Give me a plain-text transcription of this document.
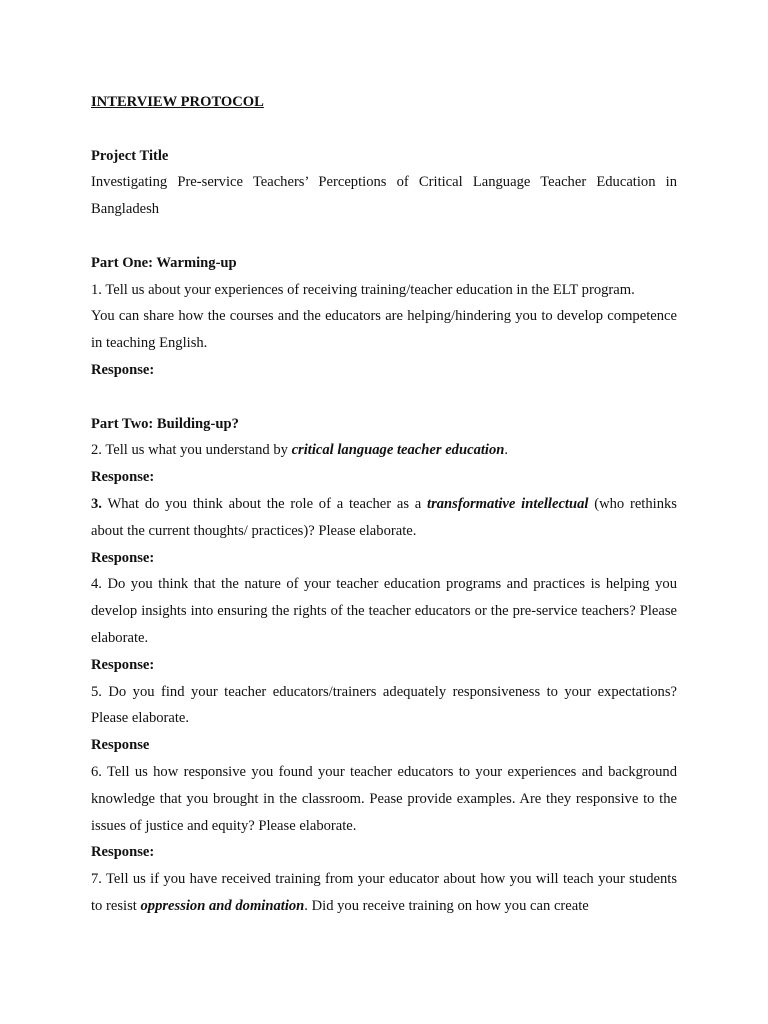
INTERVIEW PROTOCOL

Project Title

Investigating Pre-service Teachers’ Perceptions of Critical Language Teacher Education in Bangladesh

Part One: Warming-up

1. Tell us about your experiences of receiving training/teacher education in the ELT program.

You can share how the courses and the educators are helping/hindering you to develop competence in teaching English.

Response:

Part Two: Building-up?

2. Tell us what you understand by critical language teacher education.

Response:

3. What do you think about the role of a teacher as a transformative intellectual (who rethinks about the current thoughts/ practices)? Please elaborate.

Response:

4. Do you think that the nature of your teacher education programs and practices is helping you develop insights into ensuring the rights of the teacher educators or the pre-service teachers? Please elaborate.

Response:

5. Do you find your teacher educators/trainers adequately responsiveness to your expectations? Please elaborate.

Response

6. Tell us how responsive you found your teacher educators to your experiences and background knowledge that you brought in the classroom. Pease provide examples. Are they responsive to the issues of justice and equity? Please elaborate.

Response:

7. Tell us if you have received training from your educator about how you will teach your students to resist oppression and domination. Did you receive training on how you can create
